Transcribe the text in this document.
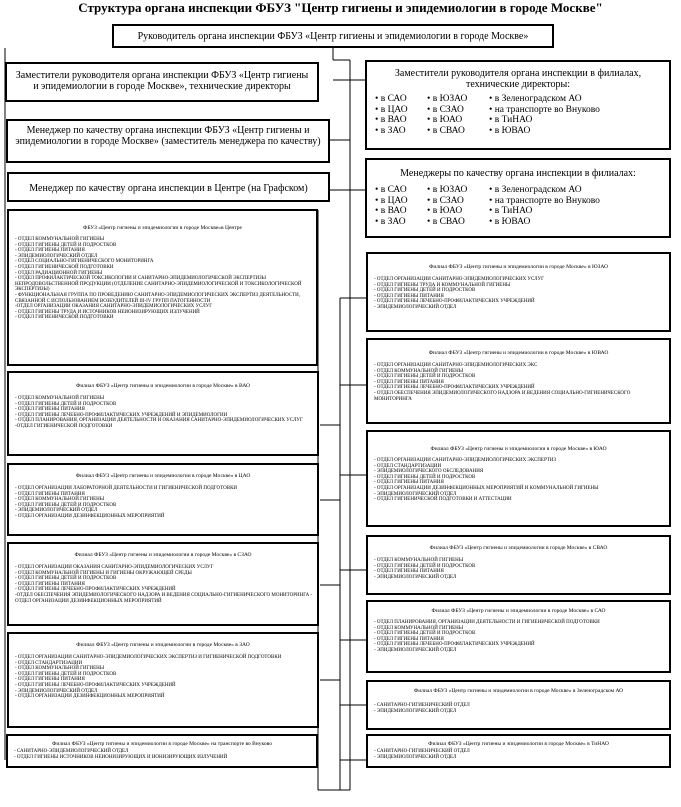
Структура органа инспекции ФБУЗ "Центр гигиены и эпидемиологии в городе Москве"
Руководитель органа инспекции ФБУЗ «Центр гигиены и эпидемиологии в городе Москве»
Заместители руководителя органа инспекции ФБУЗ «Центр гигиены и эпидемиологии в городе Москве», технические директоры
Менеджер по качеству органа инспекции ФБУЗ «Центр гигиены и эпидемиологии в городе Москве» (заместитель менеджера по качеству)
Менеджер по качеству органа инспекции в Центре (на Графском)
Заместители руководителя органа инспекции в филиалах, технические директоры:
• в САО	• в ЮЗАО	• в Зеленоградском АО
• в ЦАО	• в СЗАО	• на транспорте во Внуково
• в ВАО	• в ЮАО	• в ТиНАО
• в ЗАО	• в СВАО	• в ЮВАО
Менеджеры по качеству органа инспекции в филиалах:
• в САО	• в ЮЗАО	• в Зеленоградском АО
• в ЦАО	• в СЗАО	• на транспорте во Внуково
• в ВАО	• в ЮАО	• в ТиНАО
• в ЗАО	• в СВАО	• в ЮВАО
ФБУЗ «Центр гигиены и эпидемиологии в городе Москве»в Центре
- ОТДЕЛ КОММУНАЛЬНОЙ ГИГИЕНЫ
- ОТДЕЛ ГИГИЕНЫ ДЕТЕЙ И ПОДРОСТКОВ
- ОТДЕЛ ГИГИЕНЫ ПИТАНИЯ
- ЭПИДЕМИОЛОГИЧЕСКИЙ ОТДЕЛ
- ОТДЕЛ СОЦИАЛЬНО-ГИГИЕНИЧЕСКОГО МОНИТОРИНГА
- ОТДЕЛ ГИГИЕНИЧЕСКОЙ ПОДГОТОВКИ
- ОТДЕЛ РАДИАЦИОННОЙ ГИГИЕНЫ
- ОТДЕЛ ПРОФИЛАКТИЧЕСКОЙ ТОКСИКОЛОГИИ И САНИТАРНО-ЭПИДЕМИОЛОГИЧЕСКОЙ ЭКСПЕРТИЗЫ НЕПРОДОВОЛЬСТВЕННОЙ ПРОДУКЦИИ (ОТДЕЛЕНИЕ САНИТАРНО-ЭПИДЕМИОЛОГИЧЕСКОЙ И ТОКСИКОЛОГИЧЕСКОЙ ЭКСПЕРТИЗЫ)
- ФУНКЦИОНАЛЬНАЯ ГРУППА ПО ПРОВЕДЕНИЮ САНИТАРНО-ЭПИДЕМИОЛОГИЧЕСКИХ ЭКСПЕРТИЗ ДЕЯТЕЛЬНОСТИ, СВЯЗАННОЙ С ИСПОЛЬЗОВАНИЕМ ВОЗБУДИТЕЛЕЙ III-IV ГРУПП ПАТОГЕННОСТИ
-ОТДЕЛ ОРГАНИЗАЦИИ ОКАЗАНИЯ САНИТАРНО-ЭПИДЕМИОЛОГИЧЕСКИХ УСЛУГ
- ОТДЕЛ ГИГИЕНЫ ТРУДА И ИСТОЧНИКОВ НЕИОНИЗИРУЮЩИХ ИЗЛУЧЕНИЙ
- ОТДЕЛ ГИГИЕНИЧЕСКОЙ ПОДГОТОВКИ
Филиал ФБУЗ «Центр гигиены и эпидемиологии в городе Москве» в ВАО
- ОТДЕЛ КОММУНАЛЬНОЙ ГИГИЕНЫ
- ОТДЕЛ ГИГИЕНЫ ДЕТЕЙ И ПОДРОСТКОВ
- ОТДЕЛ ГИГИЕНЫ ПИТАНИЯ
- ОТДЕЛ ГИГИЕНЫ ЛЕЧЕБНО-ПРОФИЛАКТИЧЕСКИХ УЧРЕЖДЕНИЙ И ЭПИДЕМИОЛОГИИ
- ОТДЕЛ ПЛАНИРОВАНИЯ, ОРГАНИЗАЦИИ ДЕЯТЕЛЬНОСТИ И ОКАЗАНИЯ САНИТАРНО-ЭПИДЕМИОЛОГИЧЕСКИХ УСЛУГ
-ОТДЕЛ ГИГИЕНИЧЕСКОЙ ПОДГОТОВКИ
Филиал ФБУЗ «Центр гигиены и эпидемиологии в городе Москве» в ЦАО
- ОТДЕЛ ОРГАНИЗАЦИИ ЛАБОРАТОРНОЙ ДЕЯТЕЛЬНОСТИ И ГИГИЕНИЧЕСКОЙ ПОДГОТОВКИ
- ОТДЕЛ ГИГИЕНЫ ПИТАНИЯ
- ОТДЕЛ КОММУНАЛЬНОЙ ГИГИЕНЫ
- ОТДЕЛ ГИГИЕНЫ ДЕТЕЙ И ПОДРОСТКОВ
- ЭПИДЕМИОЛОГИЧЕСКИЙ ОТДЕЛ
- ОТДЕЛ ОРГАНИЗАЦИИ ДЕЗИНФЕКЦИОННЫХ МЕРОПРИЯТИЙ
Филиал ФБУЗ «Центр гигиены и эпидемиологии в городе Москве» в СЗАО
- ОТДЕЛ ОРГАНИЗАЦИИ ОКАЗАНИЯ САНИТАРНО-ЭПИДЕМИОЛОГИЧЕСКИХ УСЛУГ
- ОТДЕЛ КОММУНАЛЬНОЙ ГИГИЕНЫ И ГИГИЕНЫ ОКРУЖАЮЩЕЙ СРЕДЫ
- ОТДЕЛ ГИГИЕНЫ ДЕТЕЙ И ПОДРОСТКОВ
- ОТДЕЛ ГИГИЕНЫ ПИТАНИЯ
- ОТДЕЛ ГИГИЕНЫ ЛЕЧЕБНО-ПРОФИЛАКТИЧЕСКИХ УЧРЕЖДЕНИЙ
-ОТДЕЛ ОБЕСПЕЧЕНИЯ ЭПИДЕМИОЛОГИЧЕСКОГО НАДЗОРА И ВЕДЕНИЯ СОЦИАЛЬНО-ГИГИЕНИЧЕСКОГО МОНИТОРИНГА - ОТДЕЛ ОРГАНИЗАЦИИ ДЕЗИНФЕКЦИОННЫХ МЕРОПРИЯТИЙ
Филиал ФБУЗ «Центр гигиены и эпидемиологии в городе Москве» в ЗАО
- ОТДЕЛ ОРГАНИЗАЦИИ САНИТАРНО-ЭПИДЕМИОЛОГИЧЕСКИХ ЭКСПЕРТИЗ И ГИГИЕНИЧЕСКОЙ ПОДГОТОВКИ
- ОТДЕЛ СТАНДАРТИЗАЦИИ
- ОТДЕЛ КОММУНАЛЬНОЙ ГИГИЕНЫ
- ОТДЕЛ ГИГИЕНЫ ДЕТЕЙ И ПОДРОСТКОВ
- ОТДЕЛ ГИГИЕНЫ ПИТАНИЯ
- ОТДЕЛ ГИГИЕНЫ ЛЕЧЕБНО-ПРОФИЛАКТИЧЕСКИХ УЧРЕЖДЕНИЙ
- ЭПИДЕМИОЛОГИЧЕСКИЙ ОТДЕЛ
- ОТДЕЛ ОРГАНИЗАЦИИ ДЕЗИНФЕКЦИОННЫХ МЕРОПРИЯТИЙ
Филиал ФБУЗ «Центр гигиены и эпидемиологии в городе Москве» на транспорте во Внуково
- САНИТАРНО-ЭПИДЕМИОЛОГИЧЕСКИЙ ОТДЕЛ
- ОТДЕЛ ГИГИЕНЫ ИСТОЧНИКОВ НЕИОНИЗИРУЮЩИХ И ИОНИЗИРУЮЩИХ ИЗЛУЧЕНИЙ
Филиал ФБУЗ «Центр гигиены и эпидемиологии в городе Москве» в ЮЗАО
- ОТДЕЛ ОРГАНИЗАЦИИ САНИТАРНО-ЭПИДЕМИОЛОГИЧЕСКИХ УСЛУГ
- ОТДЕЛ ГИГИЕНЫ ТРУДА И КОММУНАЛЬНОЙ ГИГИЕНЫ
- ОТДЕЛ ГИГИЕНЫ ДЕТЕЙ И ПОДРОСТКОВ
- ОТДЕЛ ГИГИЕНЫ ПИТАНИЯ
- ОТДЕЛ ГИГИЕНЫ ЛЕЧЕБНО-ПРОФИЛАКТИЧЕСКИХ УЧРЕЖДЕНИЙ
- ЭПИДЕМИОЛОГИЧЕСКИЙ ОТДЕЛ
Филиал ФБУЗ «Центр гигиены и эпидемиологии в городе Москве» в ЮВАО
- ОТДЕЛ ОРГАНИЗАЦИИ САНИТАРНО-ЭПИДЕМИОЛОГИЧЕСКИХ ЭКС
- ОТДЕЛ КОММУНАЛЬНОЙ ГИГИЕНЫ
- ОТДЕЛ ГИГИЕНЫ ДЕТЕЙ И ПОДРОСТКОВ
- ОТДЕЛ ГИГИЕНЫ ПИТАНИЯ
- ОТДЕЛ ГИГИЕНЫ ЛЕЧЕБНО-ПРОФИЛАКТИЧЕСКИХ УЧРЕЖДЕНИЙ
- ОТДЕЛ ОБЕСПЕЧЕНИЯ ЭПИДЕМИОЛОГИЧЕСКОГО НАДЗОРА И ВЕДЕНИЯ СОЦИАЛЬНО-ГИГИЕНИЧЕСКОГО МОНИТОРИНГА
Филиал ФБУЗ «Центр гигиены и эпидемиологии в городе Москве» в ЮАО
- ОТДЕЛ ОРГАНИЗАЦИИ САНИТАРНО-ЭПИДЕМИОЛОГИЧЕСКИХ ЭКСПЕРТИЗ
- ОТДЕЛ СТАНДАРТИЗАЦИИ
- ЭПИДЕМИОЛОГИЧЕСКОГО ОБСЛЕДОВАНИЯ
- ОТДЕЛ ГИГИЕНЫ ДЕТЕЙ И ПОДРОСТКОВ
- ОТДЕЛ ГИГИЕНЫ ПИТАНИЯ
- ОТДЕЛ ОРГАНИЗАЦИИ ДЕЗИНФЕКЦИОННЫХ МЕРОПРИЯТИЙ И КОММУНАЛЬНОЙ ГИГИЕНЫ
- ЭПИДЕМИОЛОГИЧЕСКИЙ ОТДЕЛ
- ОТДЕЛ ГИГИЕНИЧЕСКОЙ ПОДГОТОВКИ И АТТЕСТАЦИИ
Филиал ФБУЗ «Центр гигиены и эпидемиологии в городе Москве» в СВАО
- ОТДЕЛ КОММУНАЛЬНОЙ ГИГИЕНЫ
- ОТДЕЛ ГИГИЕНЫ ДЕТЕЙ И ПОДРОСТКОВ
- ОТДЕЛ ГИГИЕНЫ ПИТАНИЯ
- ЭПИДЕМИОЛОГИЧЕСКИЙ ОТДЕЛ
Филиал ФБУЗ «Центр гигиены и эпидемиологии в городе Москве» в САО
- ОТДЕЛ ПЛАНИРОВАНИЯ, ОРГАНИЗАЦИИ ДЕЯТЕЛЬНОСТИ И ГИГИЕНИЧЕСКОЙ ПОДГОТОВКИ
- ОТДЕЛ КОММУНАЛЬНОЙ ГИГИЕНЫ
- ОТДЕЛ ГИГИЕНЫ ДЕТЕЙ И ПОДРОСТКОВ
- ОТДЕЛ ГИГИЕНЫ ПИТАНИЯ
- ОТДЕЛ ГИГИЕНЫ ЛЕЧЕБНО-ПРОФИЛАКТИЧЕСКИХ УЧРЕЖДЕНИЙ
- ЭПИДЕМИОЛОГИЧЕСКИЙ ОТДЕЛ
Филиал ФБУЗ «Центр гигиены и эпидемиологии в городе Москве» в Зеленоградском АО
- САНИТАРНО-ГИГИЕНИЧЕСКИЙ ОТДЕЛ
- ЭПИДЕМИОЛОГИЧЕСКИЙ ОТДЕЛ
Филиал ФБУЗ «Центр гигиены и эпидемиологии в городе Москве» в ТиНАО
- САНИТАРНО-ГИГИЕНИЧЕСКИЙ ОТДЕЛ
- ЭПИДЕМИОЛОГИЧЕСКИЙ ОТДЕЛ
